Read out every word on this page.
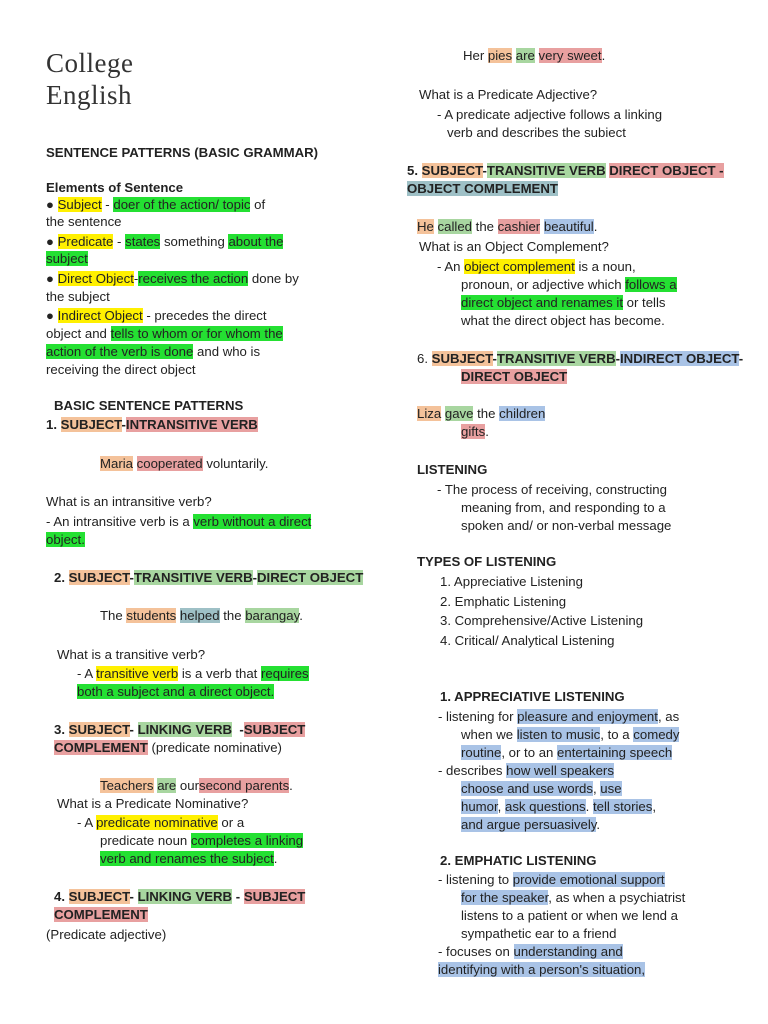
College
English
SENTENCE PATTERNS (BASIC GRAMMAR)
Elements of Sentence
● Subject - doer of the action/ topic of
the sentence
● Predicate - states something about the
subject
● Direct Object-receives the action done by
the subject
● Indirect Object - precedes the direct
object and tells to whom or for whom the
action of the verb is done and who is
receiving the direct object
BASIC SENTENCE PATTERNS
1. SUBJECT-INTRANSITIVE VERB
Maria cooperated voluntarily.
What is an intransitive verb?
- An intransitive verb is a verb without a direct
object.
2. SUBJECT-TRANSITIVE VERB-DIRECT OBJECT
The students helped the barangay.
What is a transitive verb?
- A transitive verb is a verb that requires
both a subject and a direct object.
3. SUBJECT- LINKING VERB  -SUBJECT
COMPLEMENT (predicate nominative)
Teachers are oursecond parents.
What is a Predicate Nominative?
- A predicate nominative or a
predicate noun completes a linking
verb and renames the subject.
4. SUBJECT- LINKING VERB - SUBJECT
COMPLEMENT
(Predicate adjective)
Her pies are very sweet.
What is a Predicate Adjective?
- A predicate adjective follows a linking
verb and describes the subiect
5. SUBJECT-TRANSITIVE VERB DIRECT OBJECT -
OBJECT COMPLEMENT
He called the cashier beautiful.
What is an Object Complement?
- An object complement is a noun,
pronoun, or adjective which follows a
direct object and renames it or tells
what the direct object has become.
6. SUBJECT-TRANSITIVE VERB-INDIRECT OBJECT-
DIRECT OBJECT
Liza gave the children
gifts.
LISTENING
- The process of receiving, constructing
meaning from, and responding to a
spoken and/ or non-verbal message
TYPES OF LISTENING
1. Appreciative Listening
2. Emphatic Listening
3. Comprehensive/Active Listening
4. Critical/ Analytical Listening
1. APPRECIATIVE LISTENING
- listening for pleasure and enjoyment, as
when we listen to music, to a comedy
routine, or to an entertaining speech
- describes how well speakers
choose and use words, use
humor, ask questions. tell stories,
and argue persuasively.
2. EMPHATIC LISTENING
- listening to provide emotional support
for the speaker, as when a psychiatrist
listens to a patient or when we lend a
sympathetic ear to a friend
- focuses on understanding and
identifying with a person's situation,
